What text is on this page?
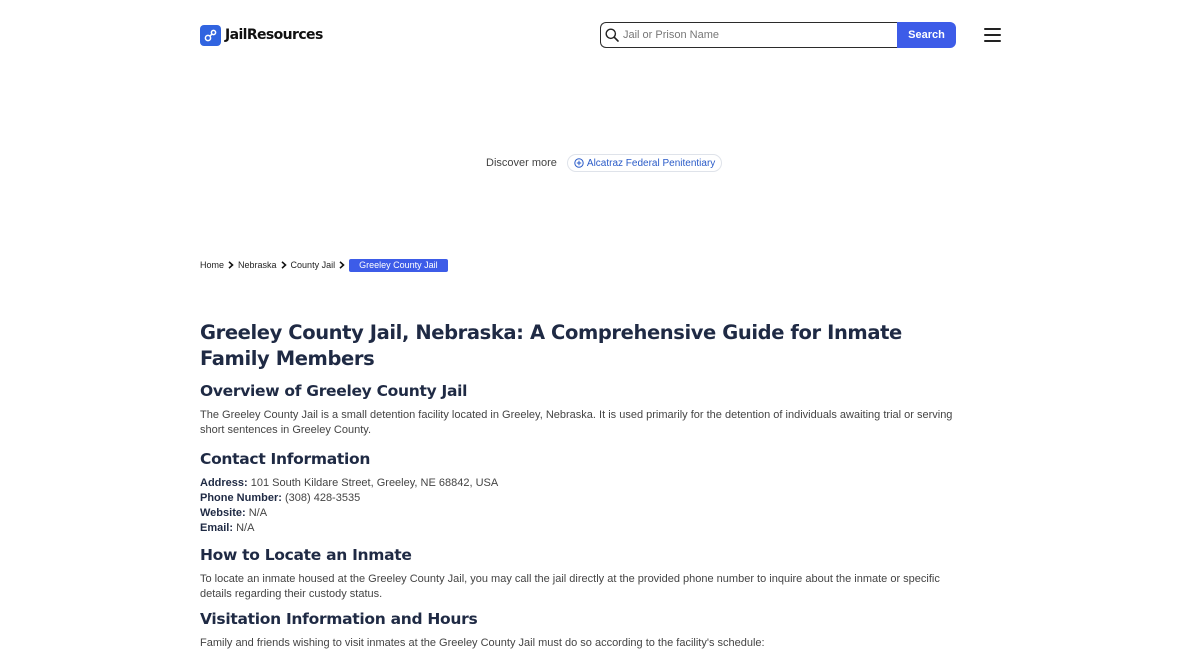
JailResources
Jail or Prison Name	Search
Discover more	Alcatraz Federal Penitentiary
Home Nebraska County Jail	Greeley County Jail
Greeley County Jail, Nebraska: A Comprehensive Guide for Inmate Family Members
Overview of Greeley County Jail

The Greeley County Jail is a small detention facility located in Greeley, Nebraska. It is used primarily for the detention of individuals awaiting trial or serving short sentences in Greeley County.

Contact Information
Address: 101 South Kildare Street, Greeley, NE 68842, USA
Phone Number: (308) 428-3535
Website: N/A
Email: N/A
How to Locate an Inmate

To locate an inmate housed at the Greeley County Jail, you may call the jail directly at the provided phone number to inquire about the inmate or specific details regarding their custody status.

Visitation Information and Hours

Family and friends wishing to visit inmates at the Greeley County Jail must do so according to the facility's schedule:
